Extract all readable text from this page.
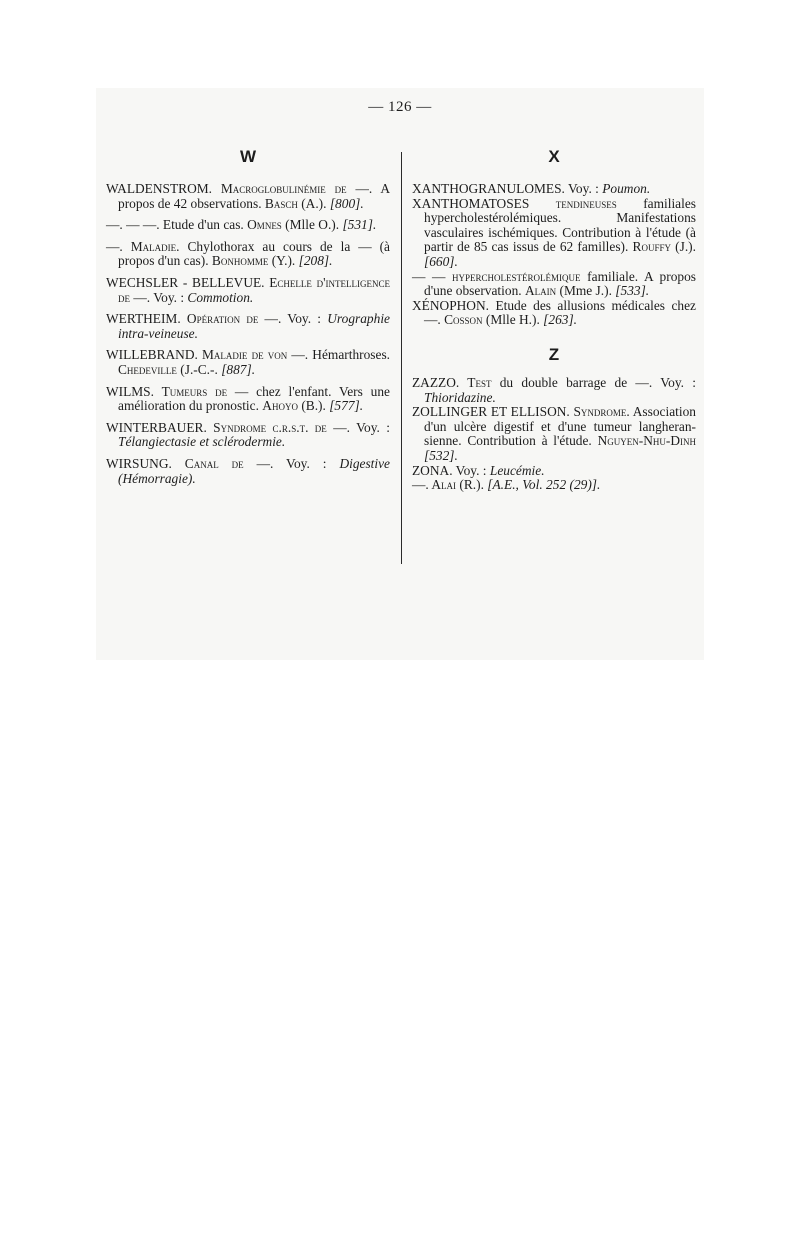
— 126 —
W

WALDENSTROM. Macroglobulinémie de —. A propos de 42 observations. Basch (A.). [800].

—. — —. Etude d'un cas. Omnes (Mlle O.). [531].

—. Maladie. Chylothorax au cours de la — (à propos d'un cas). Bonhomme (Y.). [208].

WECHSLER - BELLEVUE. Echelle d'intelligence de —. Voy. : Commotion.

WERTHEIM. Opération de —. Voy. : Urographie intra-veineuse.

WILLEBRAND. Maladie de von —. Hémarthroses. Chedeville (J.-C.-. [887].

WILMS. Tumeurs de — chez l'enfant. Vers une amélioration du pronostic. Ahoyo (B.). [577].

WINTERBAUER. Syndrome c.r.s.t. de —. Voy. : Télangiectasie et sclérodermie.

WIRSUNG. Canal de —. Voy. : Digestive (Hémorragie).

X

XANTHOGRANULOMES. Voy. : Poumon.

XANTHOMATOSES tendineuses familiales hypercholestérolémiques. Manifestations vasculaires ischémiques. Contribution à l'étude (à partir de 85 cas issus de 62 familles). Rouffy (J.). [660].

— — hypercholestérolémique familiale. A propos d'une observation. Alain (Mme J.). [533].

XÉNOPHON. Etude des allusions médicales chez —. Cosson (Mlle H.). [263].

Z

ZAZZO. Test du double barrage de —. Voy. : Thioridazine.

ZOLLINGER ET ELLISON. Syndrome. Association d'un ulcère digestif et d'une tumeur langheransienne. Contribution à l'étude. Nguyen-Nhu-Dinh [532].

ZONA. Voy. : Leucémie.

—. Alai (R.). [A.E., Vol. 252 (29)].
